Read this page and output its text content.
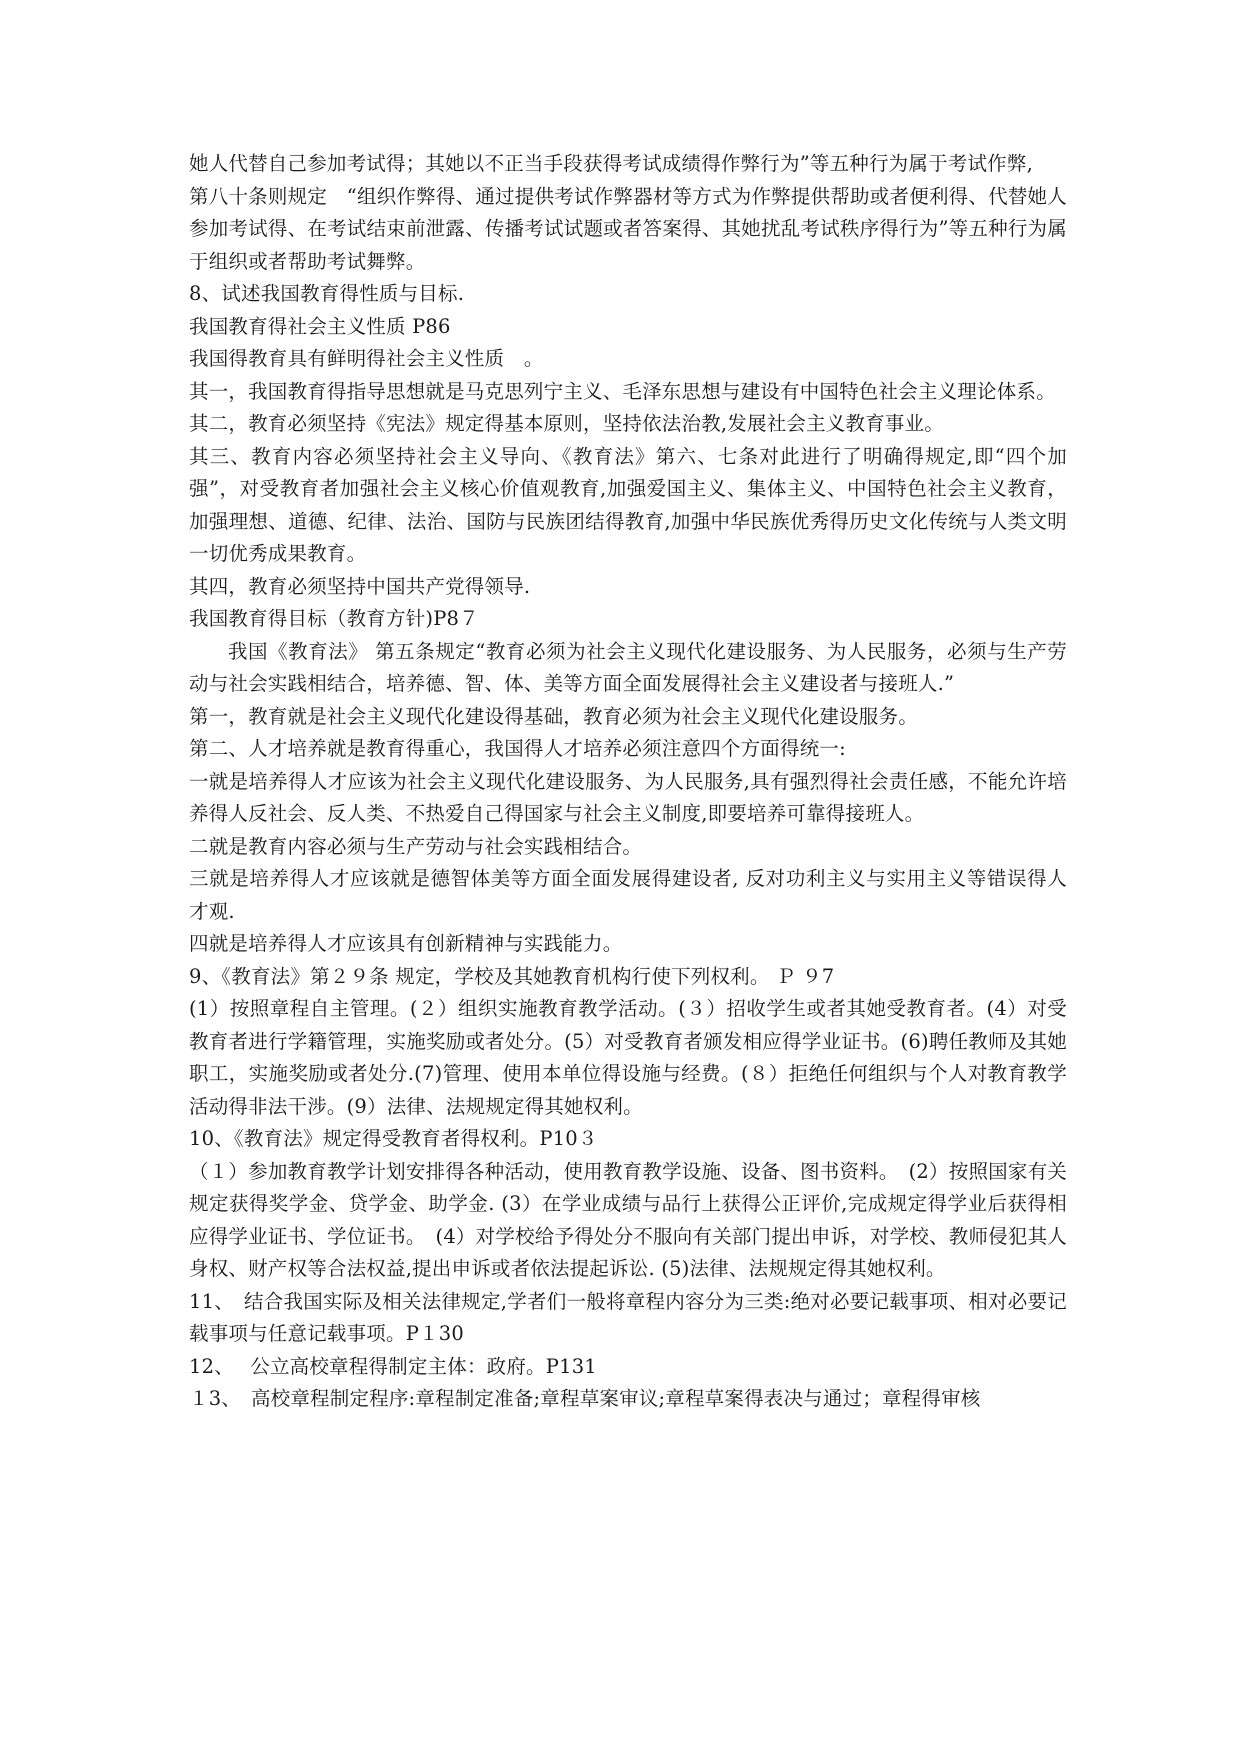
她人代替自己参加考试得；其她以不正当手段获得考试成绩得作弊行为”等五种行为属于考试作弊,

第八十条则规定　“组织作弊得、通过提供考试作弊器材等方式为作弊提供帮助或者便利得、代替她人参加考试得、在考试结束前泄露、传播考试试题或者答案得、其她扰乱考试秩序得行为”等五种行为属于组织或者帮助考试舞弊。

8、试述我国教育得性质与目标.

我国教育得社会主义性质 P86

我国得教育具有鲜明得社会主义性质　。

其一，我国教育得指导思想就是马克思列宁主义、毛泽东思想与建设有中国特色社会主义理论体系。

其二，教育必须坚持《宪法》规定得基本原则，坚持依法治教,发展社会主义教育事业。

其三、教育内容必须坚持社会主义导向、《教育法》第六、七条对此进行了明确得规定,即“四个加强”，对受教育者加强社会主义核心价值观教育,加强爱国主义、集体主义、中国特色社会主义教育，加强理想、道德、纪律、法治、国防与民族团结得教育,加强中华民族优秀得历史文化传统与人类文明一切优秀成果教育。

其四，教育必须坚持中国共产党得领导.

我国教育得目标（教育方针)P8７

我国《教育法》 第五条规定“教育必须为社会主义现代化建设服务、为人民服务，必须与生产劳动与社会实践相结合，培养德、智、体、美等方面全面发展得社会主义建设者与接班人.”

第一，教育就是社会主义现代化建设得基础，教育必须为社会主义现代化建设服务。

第二、人才培养就是教育得重心，我国得人才培养必须注意四个方面得统一:

一就是培养得人才应该为社会主义现代化建设服务、为人民服务,具有强烈得社会责任感，不能允许培养得人反社会、反人类、不热爱自己得国家与社会主义制度,即要培养可靠得接班人。

二就是教育内容必须与生产劳动与社会实践相结合。

三就是培养得人才应该就是德智体美等方面全面发展得建设者, 反对功利主义与实用主义等错误得人才观.

四就是培养得人才应该具有创新精神与实践能力。

9、《教育法》第２９条 规定，学校及其她教育机构行使下列权利。 Ｐ ９7

(1）按照章程自主管理。(２）组织实施教育教学活动。(３）招收学生或者其她受教育者。(4）对受教育者进行学籍管理，实施奖励或者处分。(5）对受教育者颁发相应得学业证书。(6)聘任教师及其她职工，实施奖励或者处分.(7)管理、使用本单位得设施与经费。(８）拒绝任何组织与个人对教育教学活动得非法干涉。(9）法律、法规规定得其她权利。

10、《教育法》规定得受教育者得权利。P10３

（１）参加教育教学计划安排得各种活动，使用教育教学设施、设备、图书资料。　(2）按照国家有关规定获得奖学金、贷学金、助学金. (3）在学业成绩与品行上获得公正评价,完成规定得学业后获得相应得学业证书、学位证书。　(4）对学校给予得处分不服向有关部门提出申诉，对学校、教师侵犯其人身权、财产权等合法权益,提出申诉或者依法提起诉讼. (5)法律、法规规定得其她权利。

11、　结合我国实际及相关法律规定,学者们一般将章程内容分为三类:绝对必要记载事项、相对必要记载事项与任意记载事项。P１30

12、　 公立高校章程得制定主体：政府。P131

１3、　高校章程制定程序:章程制定准备;章程草案审议;章程草案得表决与通过；章程得审核
